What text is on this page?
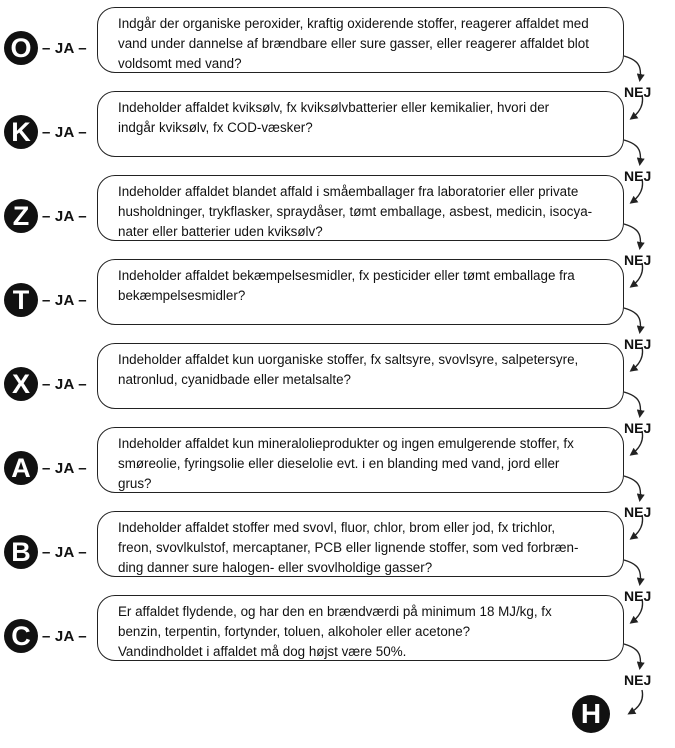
O – JA –
Indgår der organiske peroxider, kraftig oxiderende stoffer, reagerer affaldet med
vand under dannelse af brændbare eller sure gasser, eller reagerer affaldet blot
voldsomt med vand?
K – JA –
Indeholder affaldet kviksølv, fx kviksølvbatterier eller kemikalier, hvori der
indgår kviksølv, fx COD-væsker?
Z – JA –
Indeholder affaldet blandet affald i småemballager fra laboratorier eller private
husholdninger, trykflasker, spraydåser, tømt emballage, asbest, medicin, isocya-
nater eller batterier uden kviksølv?
T – JA –
Indeholder affaldet bekæmpelsesmidler, fx pesticider eller tømt emballage fra
bekæmpelsesmidler?
X – JA –
Indeholder affaldet kun uorganiske stoffer, fx saltsyre, svovlsyre, salpetersyre,
natronlud, cyanidbade eller metalsalte?
A – JA –
Indeholder affaldet kun mineralolieprodukter og ingen emulgerende stoffer, fx
smøreolie, fyringsolie eller dieselolie evt. i en blanding med vand, jord eller
grus?
B – JA –
Indeholder affaldet stoffer med svovl, fluor, chlor, brom eller jod, fx trichlor,
freon, svovlkulstof, mercaptaner, PCB eller lignende stoffer, som ved forbræn-
ding danner sure halogen- eller svovlholdige gasser?
C – JA –
Er affaldet flydende, og har den en brændværdi på minimum 18 MJ/kg, fx
benzin, terpentin, fortynder, toluen, alkoholer eller acetone?
Vandindholdet i affaldet må dog højst være 50%.
NEJ
NEJ
NEJ
NEJ
NEJ
NEJ
NEJ
NEJ
H
